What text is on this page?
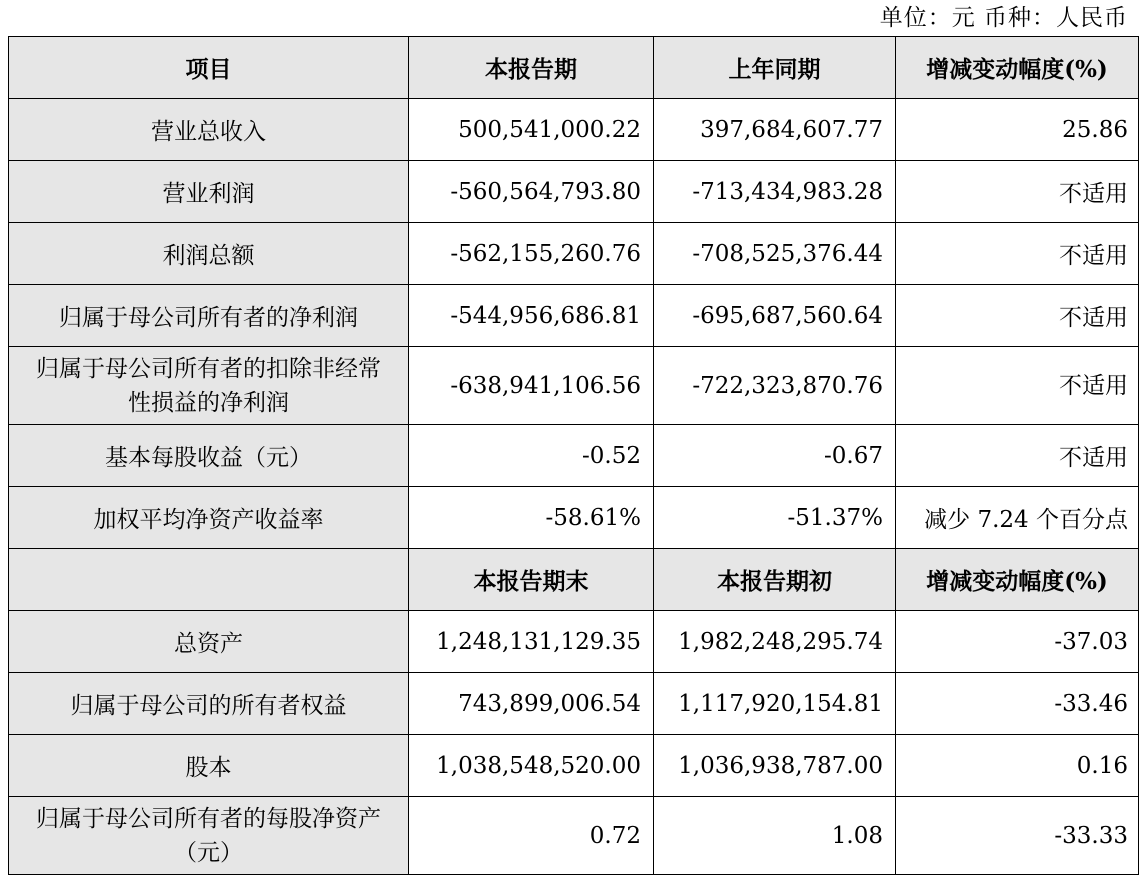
单位：元 币种：人民币
项目	本报告期	上年同期	增减变动幅度(%)
营业总收入	500,541,000.22	397,684,607.77	25.86
营业利润	-560,564,793.80	-713,434,983.28	不适用
利润总额	-562,155,260.76	-708,525,376.44	不适用
归属于母公司所有者的净利润	-544,956,686.81	-695,687,560.64	不适用
归属于母公司所有者的扣除非经常性损益的净利润	-638,941,106.56	-722,323,870.76	不适用
基本每股收益（元）	-0.52	-0.67	不适用
加权平均净资产收益率	-58.61%	-51.37%	减少 7.24 个百分点
	本报告期末	本报告期初	增减变动幅度(%)
总资产	1,248,131,129.35	1,982,248,295.74	-37.03
归属于母公司的所有者权益	743,899,006.54	1,117,920,154.81	-33.46
股本	1,038,548,520.00	1,036,938,787.00	0.16
归属于母公司所有者的每股净资产（元）	0.72	1.08	-33.33
